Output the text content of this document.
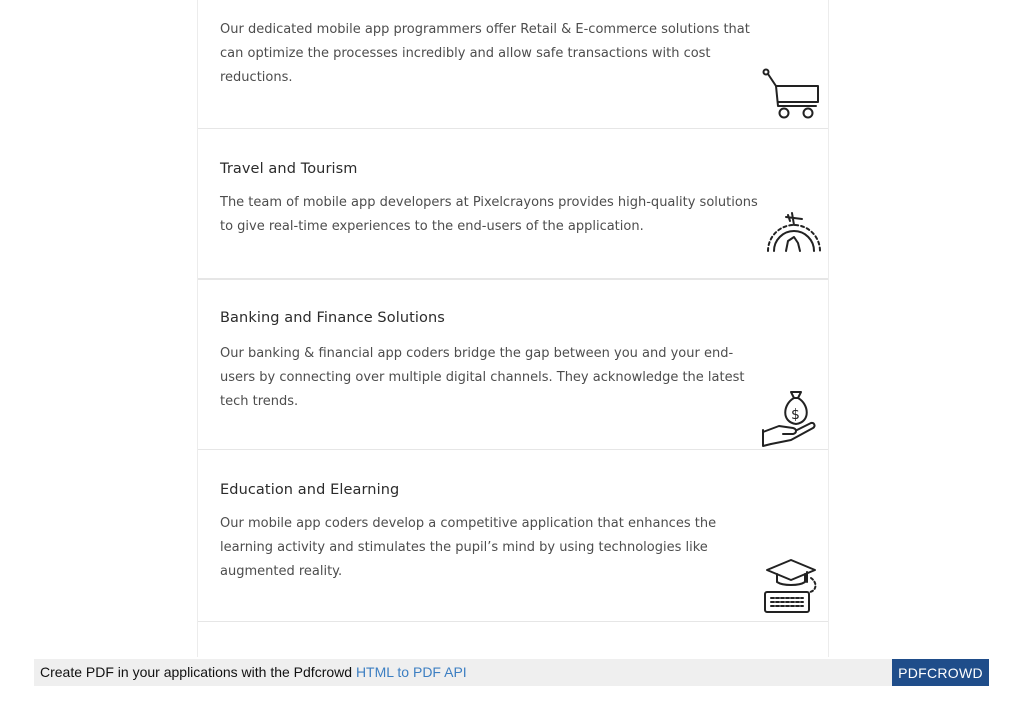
Our dedicated mobile app programmers offer Retail & E-commerce solutions that can optimize the processes incredibly and allow safe transactions with cost reductions.
Travel and Tourism
The team of mobile app developers at Pixelcrayons provides high-quality solutions to give real-time experiences to the end-users of the application.
Banking and Finance Solutions
Our banking & financial app coders bridge the gap between you and your end-users by connecting over multiple digital channels. They acknowledge the latest tech trends.
$
Education and Elearning
Our mobile app coders develop a competitive application that enhances the learning activity and stimulates the pupil’s mind by using technologies like augmented reality.
Create PDF in your applications with the Pdfcrowd HTML to PDF API	PDFCROWD
